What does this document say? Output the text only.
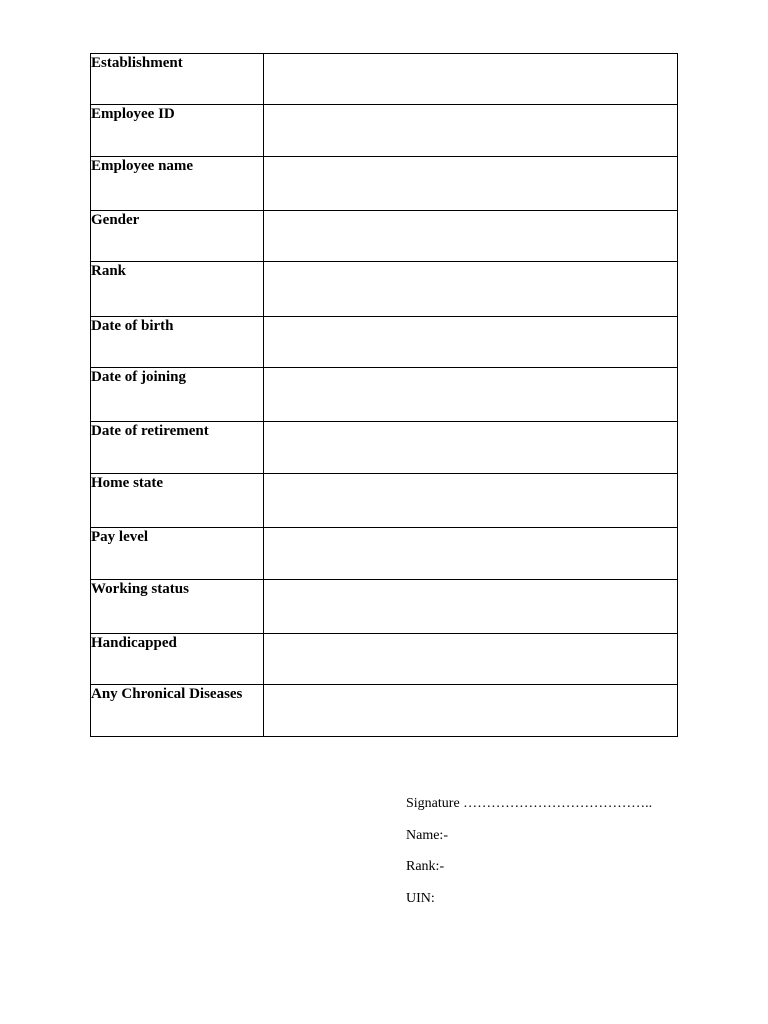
Establishment	
Employee ID	
Employee name	
Gender	
Rank	
Date of birth	
Date of joining	
Date of retirement	
Home state	
Pay level	
Working status	
Handicapped	
Any Chronical Diseases	
Signature …………………………………..
Name:-
Rank:-
UIN:
